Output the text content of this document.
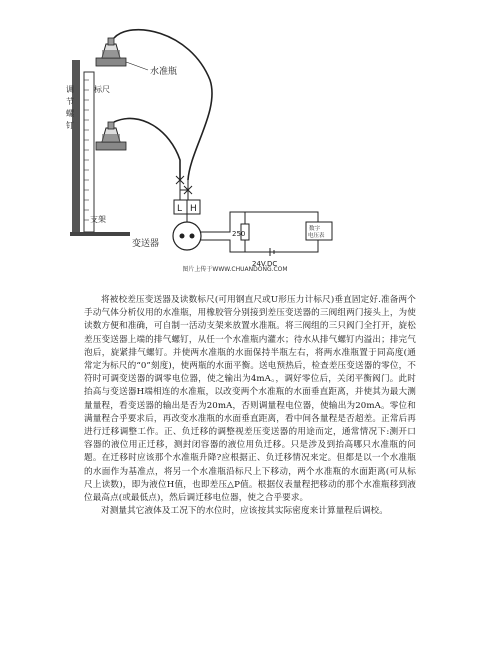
L H
水准瓶
标尺
调
节
螺
钉
支架
变送器
250
数字
电压表
24V.DC
图片上传于WWW.CHUANDONG.COM

将被校差压变送器及读数标尺(可用钢直尺或U形压力计标尺)垂直固定好.准备两个手动气体分析仪用的水准瓶，用橡胶管分别接到差压变送器的三阀组两门接头上，为使读数方便和准确，可自制一活动支架来放置水准瓶。将三阀组的三只阀门全打开，旋松差压变送器上端的排气螺钉，从任一个水准瓶内灌水；待水从排气螺钉内溢出；排完气泡后，旋紧排气螺钉。并使两水准瓶的水面保持半瓶左右，将两水准瓶置于同高度(通常定为标尺的“0”刻度)，使两瓶的水面平衡。送电预热后，检查差压变送器的零位，不符时可调变送器的调零电位器，使之输出为4mA。，调好零位后，关闭平衡阀门。此时抬高与变送器H端相连的水准瓶，以改变两个水准瓶的水面垂直距离，并使其为最大测量量程，看变送器的输出是否为20mA，否则调量程电位器，使输出为20mA。零位和满量程合乎要求后，再改变水准瓶的水面垂直距离，看中间各量程是否超差。正常后再进行迁移调整工作。正、负迁移的调整视差压变送器的用途而定，通常情况下:测开口容器的液位用正迁移，测封闭容器的液位用负迁移。只是涉及到抬高哪只水准瓶的问题。在迁移时应该那个水准瓶升降?应根据正、负迁移情况来定。但都是以一个水准瓶的水面作为基准点，将另一个水准瓶沿标尺上下移动，两个水准瓶的水面距离(可从标尺上读数)，即为液位H值，也即差压△P值。根据仪表量程把移动的那个水准瓶移到液位最高点(或最低点)，然后调迁移电位器，使之合乎要求。

对测量其它液体及工况下的水位时，应该按其实际密度来计算量程后调校。
